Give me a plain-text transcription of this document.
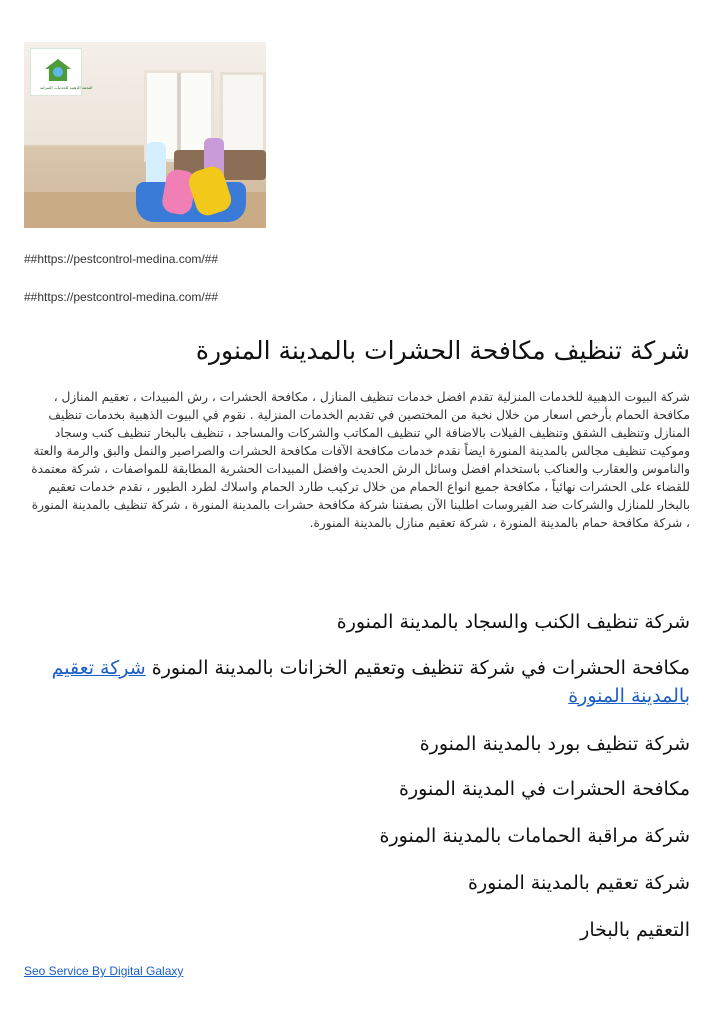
النجمة الذهبية للخدمات المنزلية

##https://pestcontrol-medina.com/##

##https://pestcontrol-medina.com/##

شركة تنظيف مكافحة الحشرات بالمدينة المنورة

شركة البيوت الذهبية للخدمات المنزلية تقدم افضل خدمات تنظيف المنازل ، مكافحة الحشرات ، رش المبيدات ، تعقيم المنازل ، مكافحة الحمام بأرخص اسعار من خلال نخبة من المختصين في تقديم الخدمات المنزلية . نقوم في البيوت الذهبية بخدمات تنظيف المنازل وتنظيف الشقق وتنظيف الفيلات بالاضافة الي تنظيف المكاتب والشركات والمساجد ، تنظيف بالبخار تنظيف كنب وسجاد وموكيت تنظيف مجالس بالمدينة المنورة ايضاً نقدم خدمات مكافحة الآفات مكافحة الحشرات والصراصير والنمل والبق والرمة والعتة والناموس والعقارب والعناكب باستخدام افضل وسائل الرش الحديث وافضل المبيدات الحشرية المطابقة للمواصفات ، شركة معتمدة للقضاء على الحشرات نهائياً ، مكافحة جميع انواع الحمام من خلال تركيب طارد الحمام واسلاك لطرد الطيور ، نقدم خدمات تعقيم بالبخار للمنازل والشركات ضد الفيروسات اطلبنا الآن بصفتنا شركة مكافحة حشرات بالمدينة المنورة ، شركة تنظيف بالمدينة المنورة ، شركة مكافحة حمام بالمدينة المنورة ، شركة تعقيم منازل بالمدينة المنورة.

شركة تنظيف الكنب والسجاد بالمدينة المنورة
مكافحة الحشرات في شركة تنظيف وتعقيم الخزانات بالمدينة المنورة شركة تعقيم بالمدينة المنورة
شركة تنظيف بورد بالمدينة المنورة
مكافحة الحشرات في المدينة المنورة
شركة مراقبة الحمامات بالمدينة المنورة
شركة تعقيم بالمدينة المنورة
التعقيم بالبخار
Seo Service By Digital Galaxy
